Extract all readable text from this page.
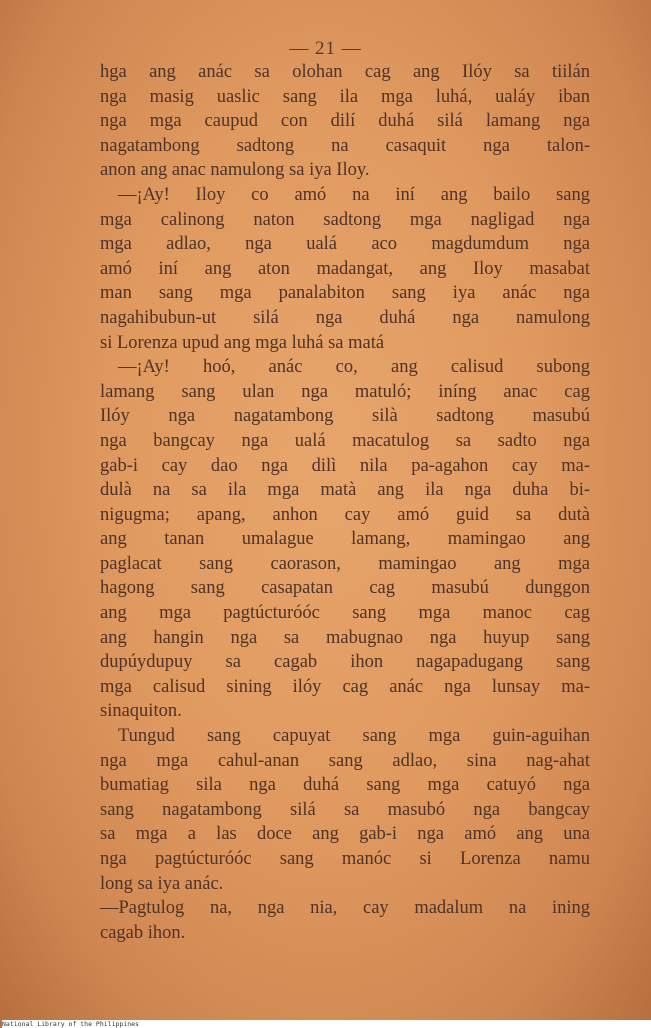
— 21 —
hga ang anác sa olohan cag ang Ilóy sa tiilán
nga masig uaslic sang ila mga luhá, ualáy iban
nga mga caupud con dilí duhá silá lamang nga
nagatambong sadtong na casaquit nga talon-
anon ang anac namulong sa iya Iloy.
—¡Ay! Iloy co amó na iní ang bailo sang
mga calinong naton sadtong mga nagligad nga
mga adlao, nga ualá aco magdumdum nga
amó iní ang aton madangat, ang Iloy masabat
man sang mga panalabiton sang iya anác nga
nagahibubun-ut silá nga duhá nga namulong
si Lorenza upud ang mga luhá sa matá
—¡Ay! hoó, anác co, ang calisud subong
lamang sang ulan nga matuló; iníng anac cag
Ilóy nga nagatambong silà sadtong masubú
nga bangcay nga ualá macatulog sa sadto nga
gab-i cay dao nga dilì nila pa-agahon cay ma-
dulà na sa ila mga matà ang ila nga duha bi-
nigugma; apang, anhon cay amó guid sa dutà
ang tanan umalague lamang, mamingao ang
paglacat sang caorason, mamingao ang mga
hagong sang casapatan cag masubú dunggon
ang mga pagtúcturóóc sang mga manoc cag
ang hangin nga sa mabugnao nga huyup sang
dupúydupuy sa cagab ihon nagapadugang sang
mga calisud sining ilóy cag anác nga lunsay ma-
sinaquiton.
Tungud sang capuyat sang mga guin-aguihan
nga mga cahul-anan sang adlao, sina nag-ahat
bumatiag sila nga duhá sang mga catuyó nga
sang nagatambong silá sa masubó nga bangcay
sa mga a las doce ang gab-i nga amó ang una
nga pagtúcturóóc sang manóc si Lorenza namu
long sa iya anác.
—Pagtulog na, nga nia, cay madalum na ining
cagab ihon.
National Library of the Philippines
